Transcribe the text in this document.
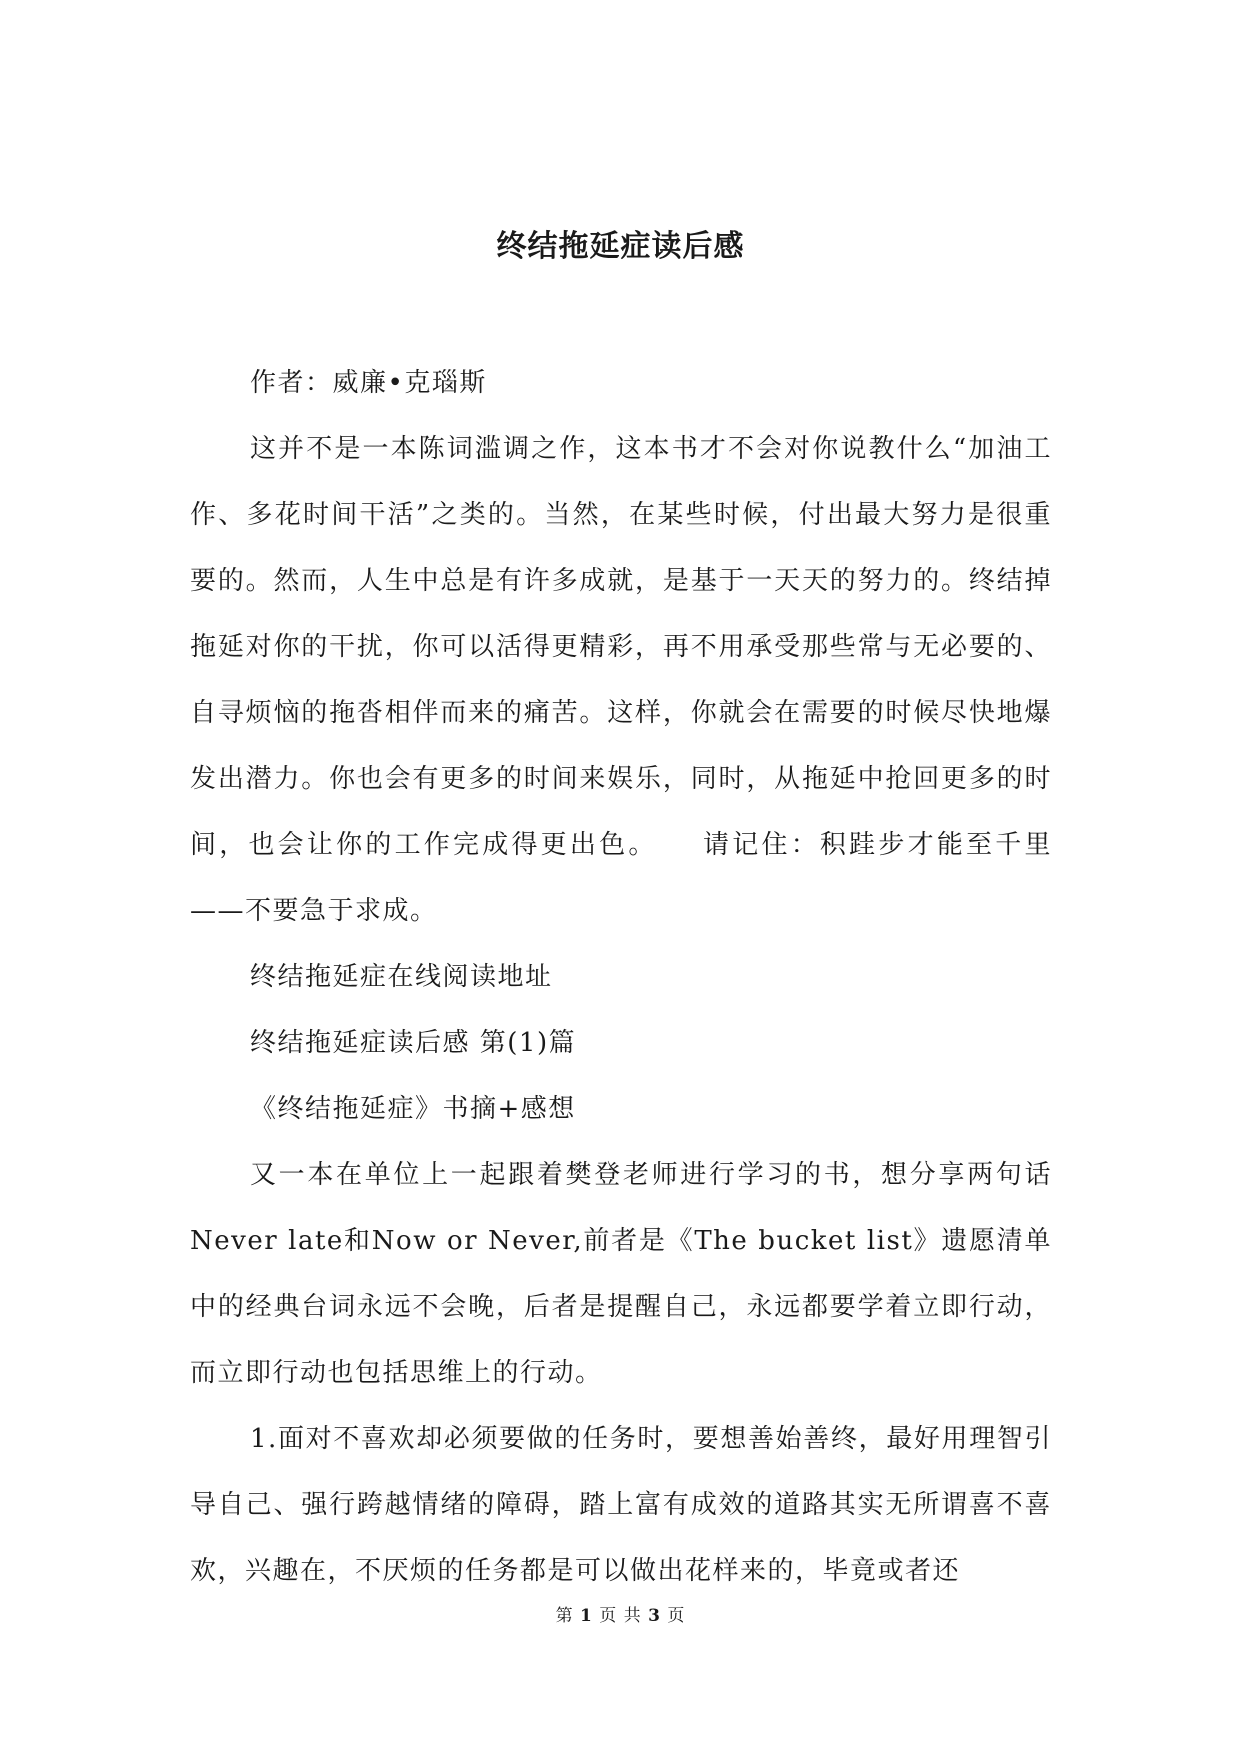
终结拖延症读后感

作者：威廉•克瑙斯

这并不是一本陈词滥调之作，这本书才不会对你说教什么“加油工作、多花时间干活”之类的。当然，在某些时候，付出最大努力是很重要的。然而，人生中总是有许多成就，是基于一天天的努力的。终结掉拖延对你的干扰，你可以活得更精彩，再不用承受那些常与无必要的、自寻烦恼的拖沓相伴而来的痛苦。这样，你就会在需要的时候尽快地爆发出潜力。你也会有更多的时间来娱乐，同时，从拖延中抢回更多的时间，也会让你的工作完成得更出色。　　请记住：积跬步才能至千里——不要急于求成。

终结拖延症在线阅读地址

终结拖延症读后感 第(1)篇

《终结拖延症》书摘+感想

又一本在单位上一起跟着樊登老师进行学习的书，想分享两句话Never late和Now or Never,前者是《The bucket list》遗愿清单中的经典台词永远不会晚，后者是提醒自己，永远都要学着立即行动，而立即行动也包括思维上的行动。

1.面对不喜欢却必须要做的任务时，要想善始善终，最好用理智引导自己、强行跨越情绪的障碍，踏上富有成效的道路其实无所谓喜不喜欢，兴趣在，不厌烦的任务都是可以做出花样来的，毕竟或者还

第 1 页 共 3 页
